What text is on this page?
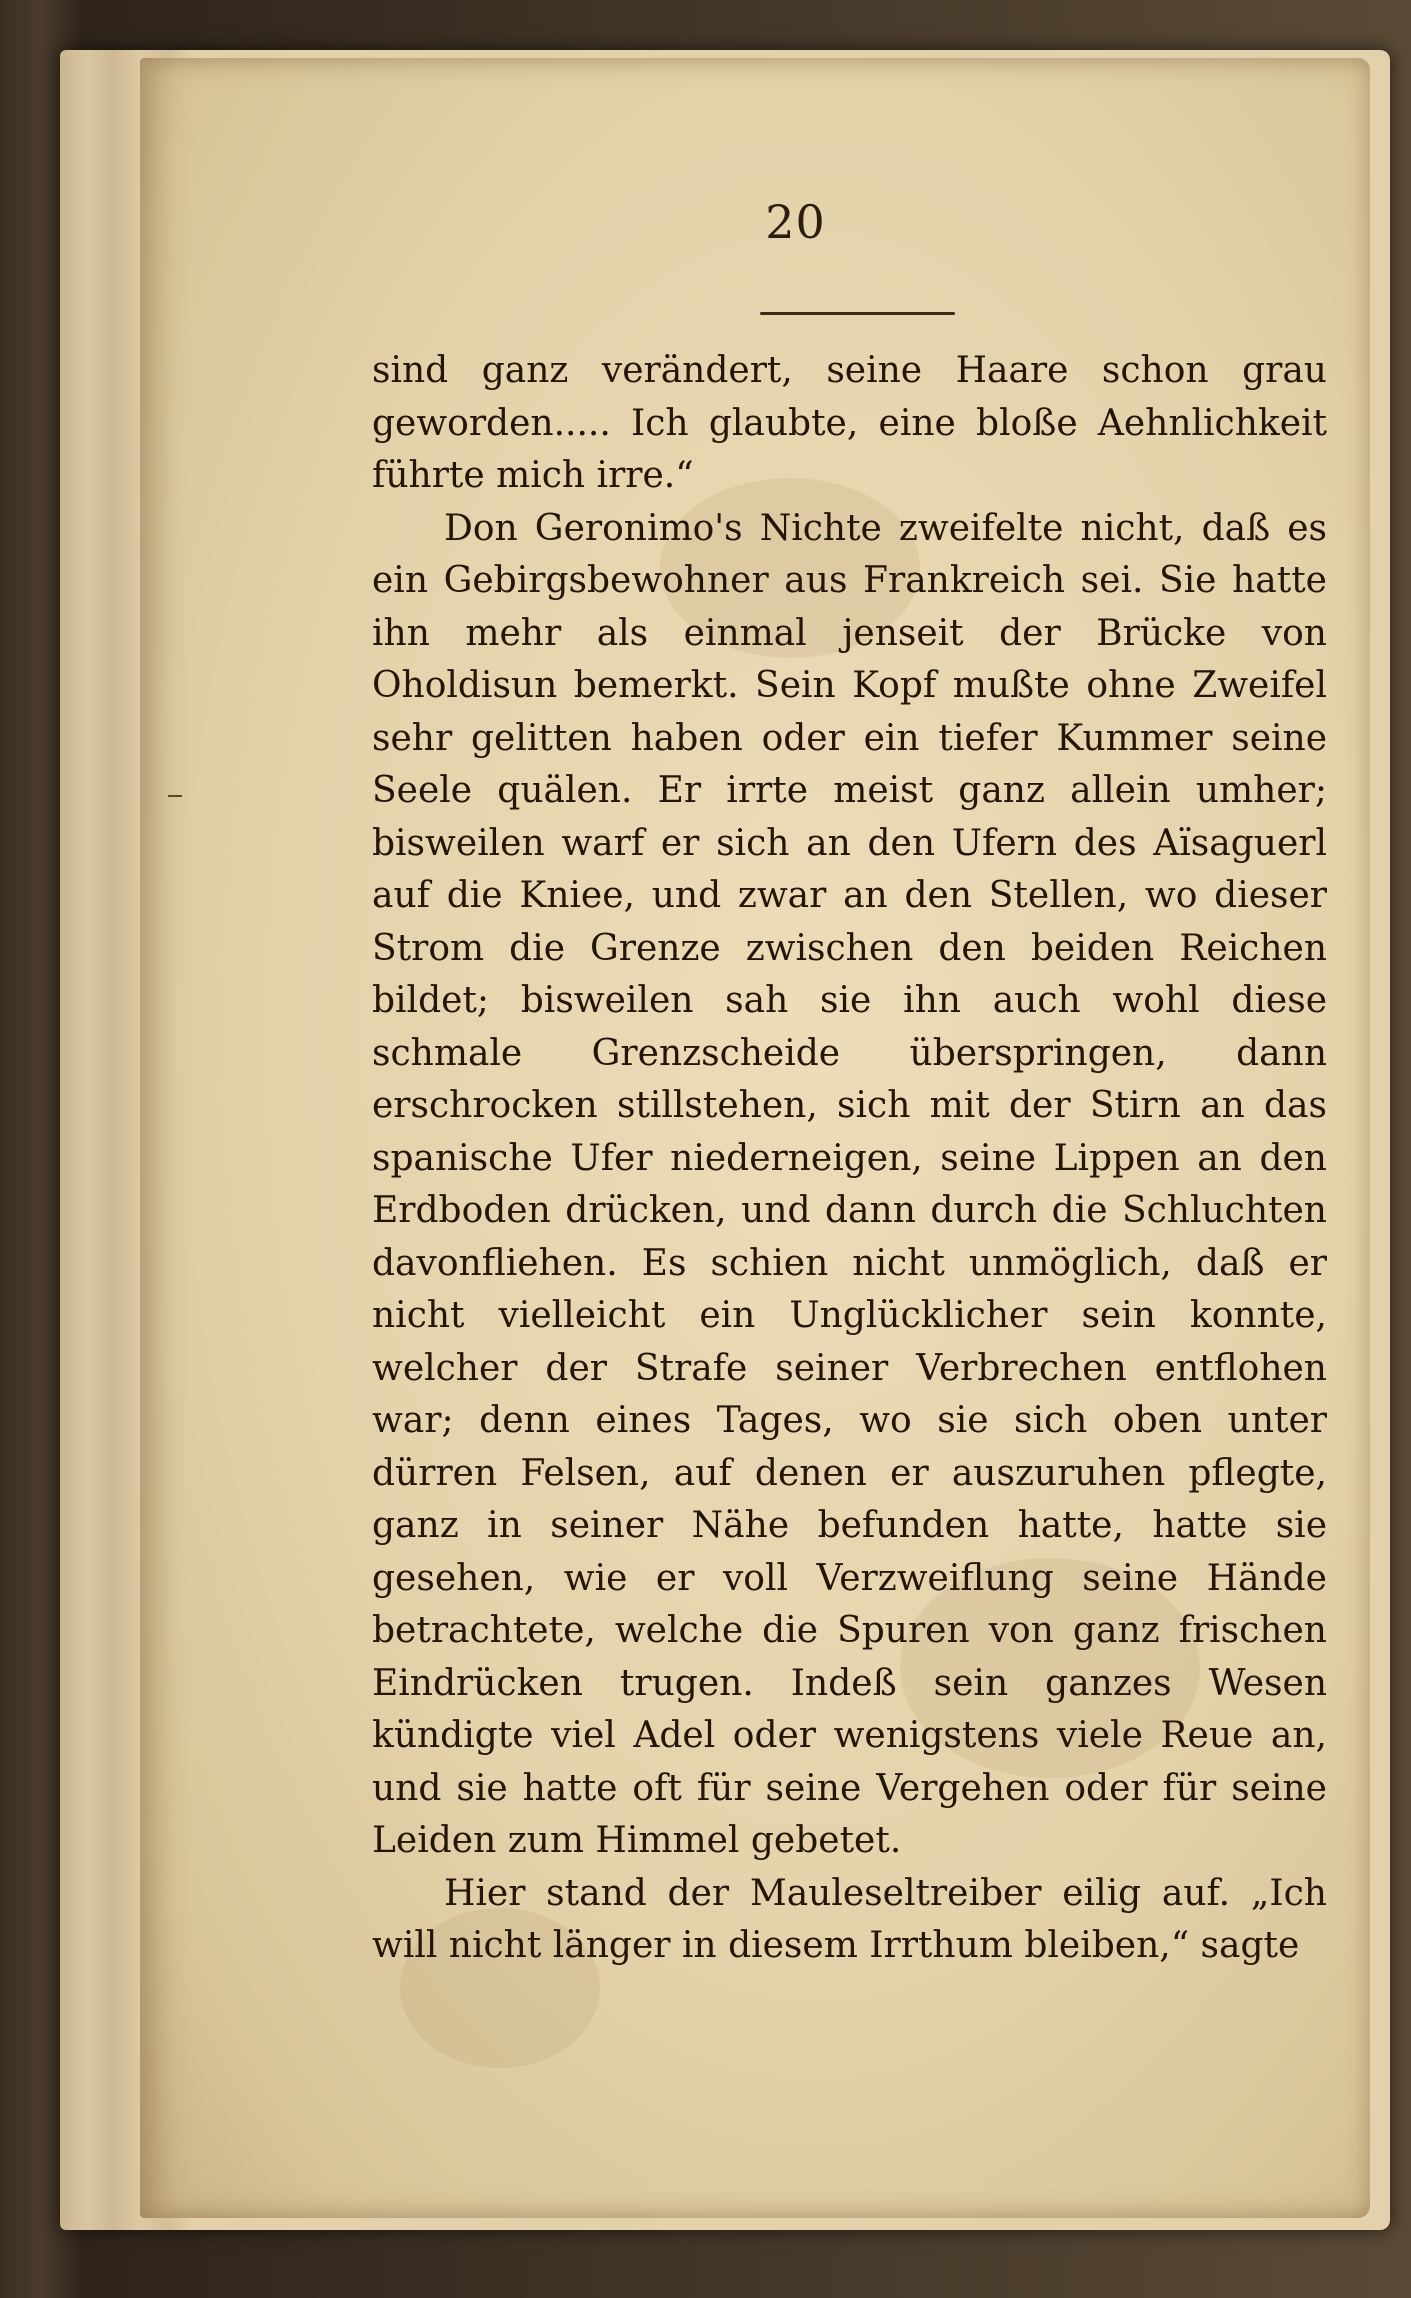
20

sind ganz verändert, seine Haare schon grau geworden..... Ich glaubte, eine bloße Aehnlichkeit führte mich irre.“

Don Geronimo's Nichte zweifelte nicht, daß es ein Gebirgsbewohner aus Frankreich sei. Sie hatte ihn mehr als einmal jenseit der Brücke von Oholdisun bemerkt. Sein Kopf mußte ohne Zweifel sehr gelitten haben oder ein tiefer Kummer seine Seele quälen. Er irrte meist ganz allein umher; bisweilen warf er sich an den Ufern des Aïsaguerl auf die Kniee, und zwar an den Stellen, wo dieser Strom die Grenze zwischen den beiden Reichen bildet; bisweilen sah sie ihn auch wohl diese schmale Grenzscheide überspringen, dann erschrocken stillstehen, sich mit der Stirn an das spanische Ufer niederneigen, seine Lippen an den Erdboden drücken, und dann durch die Schluchten davonfliehen. Es schien nicht unmöglich, daß er nicht vielleicht ein Unglücklicher sein konnte, welcher der Strafe seiner Verbrechen entflohen war; denn eines Tages, wo sie sich oben unter dürren Felsen, auf denen er auszuruhen pflegte, ganz in seiner Nähe befunden hatte, hatte sie gesehen, wie er voll Verzweiflung seine Hände betrachtete, welche die Spuren von ganz frischen Eindrücken trugen. Indeß sein ganzes Wesen kündigte viel Adel oder wenigstens viele Reue an, und sie hatte oft für seine Vergehen oder für seine Leiden zum Himmel gebetet.

Hier stand der Mauleseltreiber eilig auf. „Ich will nicht länger in diesem Irrthum bleiben,“ sagte
